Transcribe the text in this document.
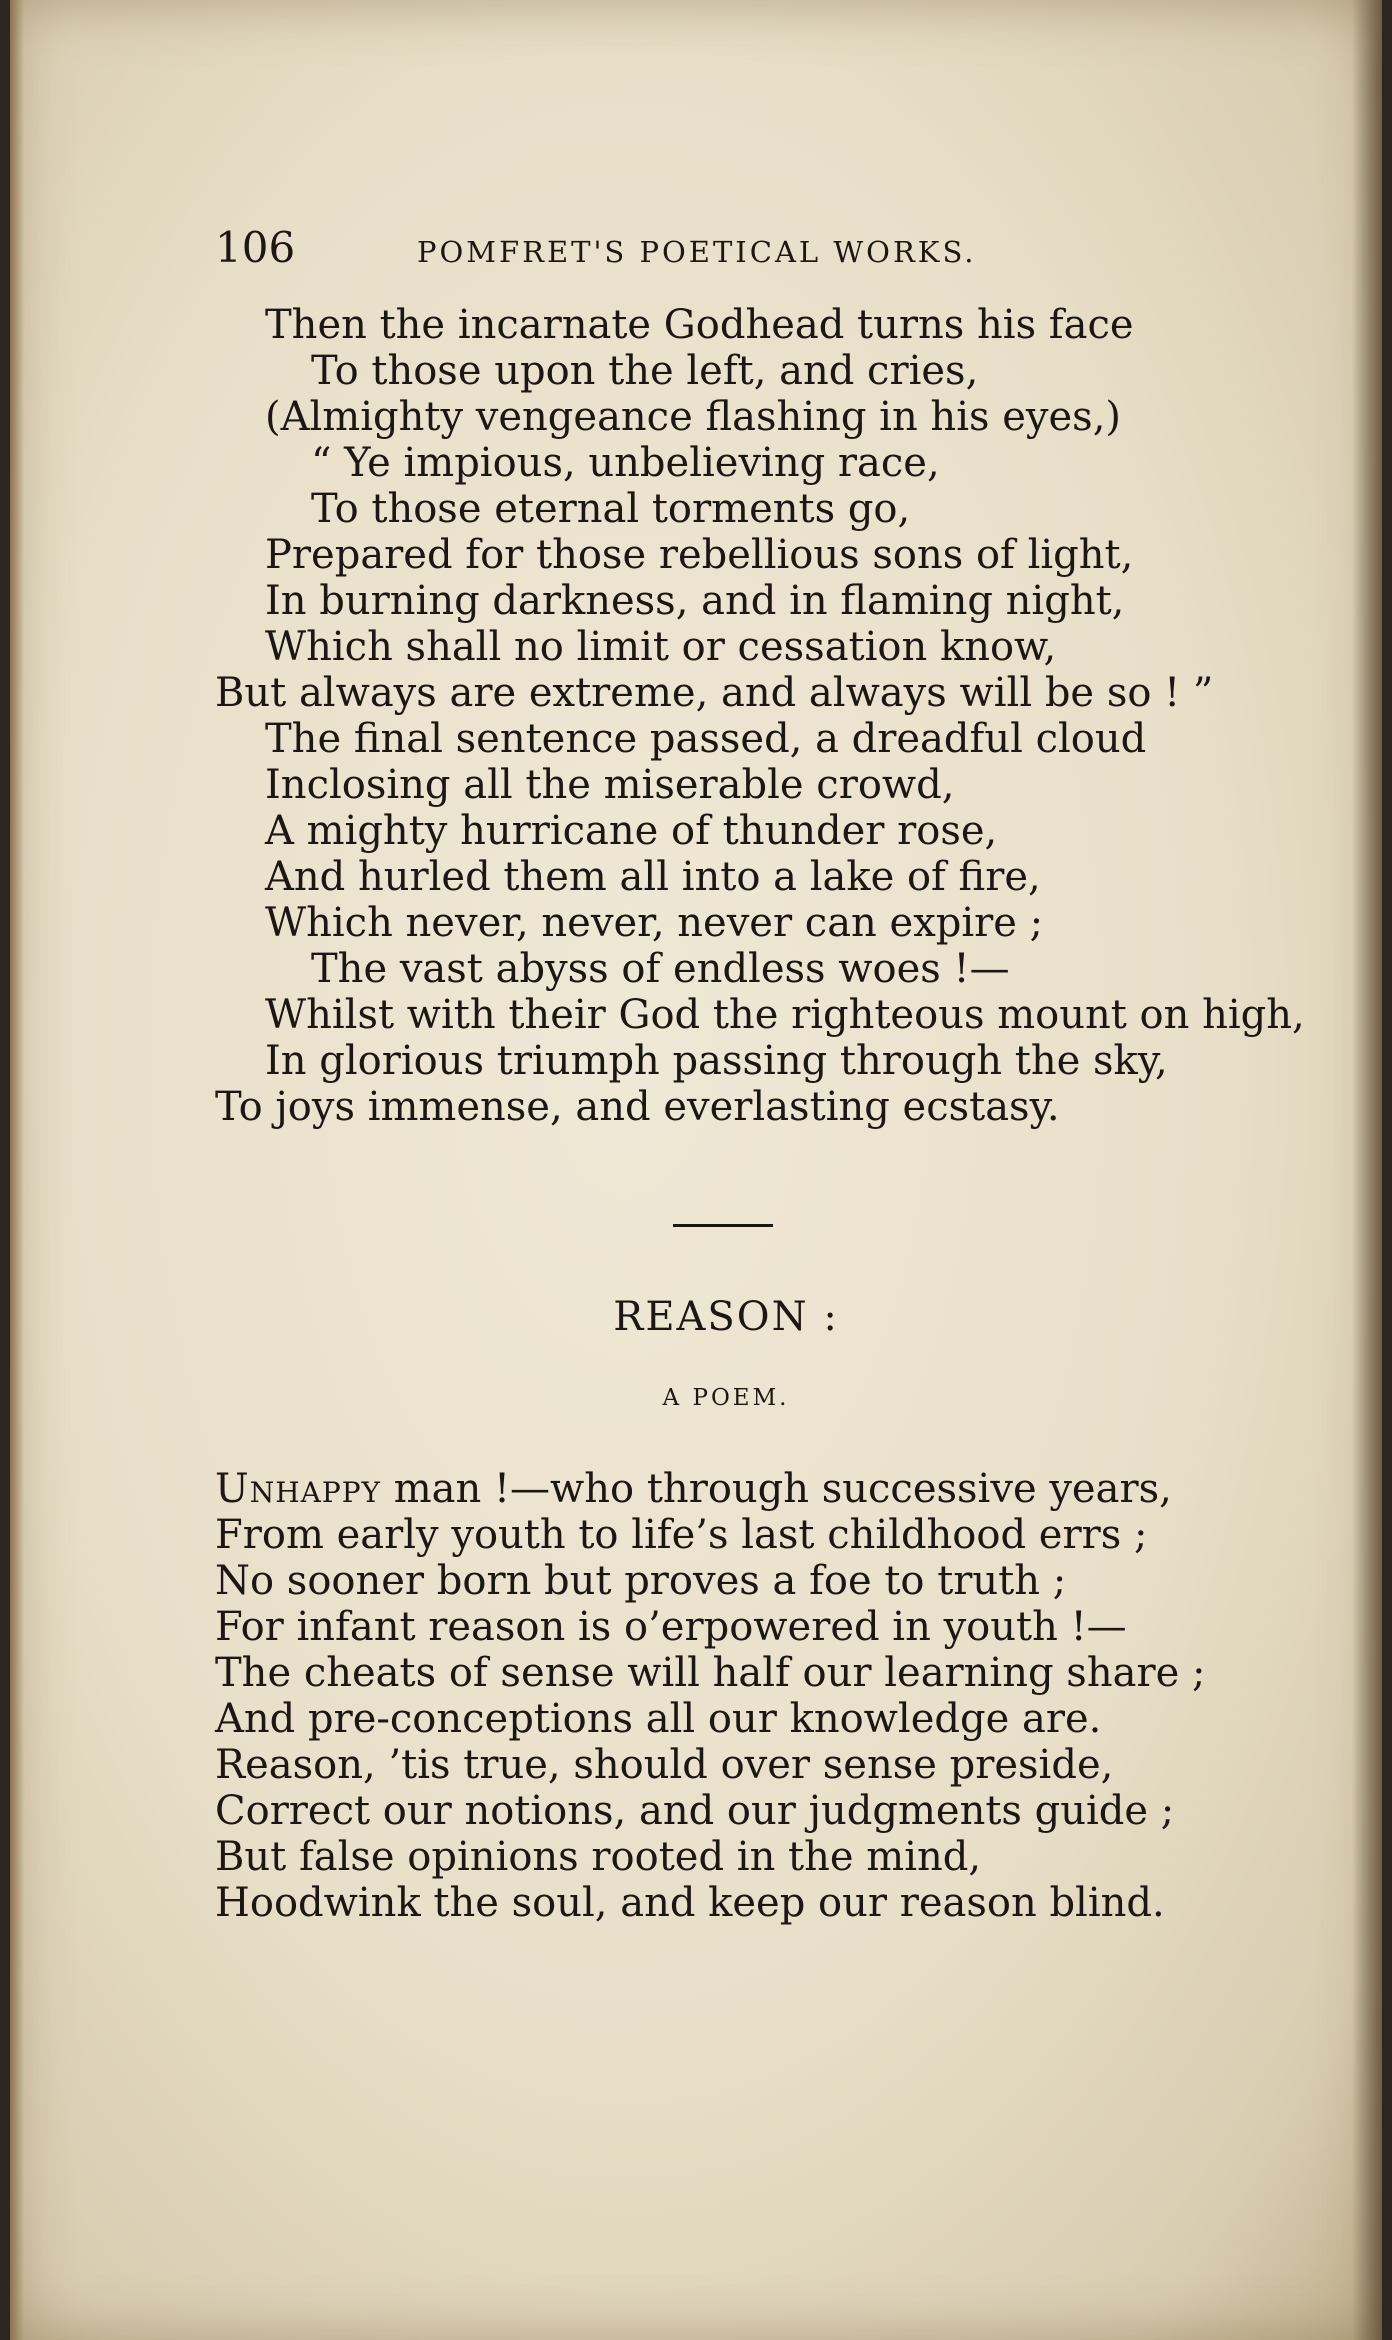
106	POMFRET'S POETICAL WORKS.
Then the incarnate Godhead turns his face
To those upon the left, and cries,
(Almighty vengeance flashing in his eyes,)
“ Ye impious, unbelieving race,
To those eternal torments go,
Prepared for those rebellious sons of light,
In burning darkness, and in flaming night,
Which shall no limit or cessation know,
But always are extreme, and always will be so ! ”
The final sentence passed, a dreadful cloud
Inclosing all the miserable crowd,
A mighty hurricane of thunder rose,
And hurled them all into a lake of fire,
Which never, never, never can expire ;
The vast abyss of endless woes !—
Whilst with their God the righteous mount on high,
In glorious triumph passing through the sky,
To joys immense, and everlasting ecstasy.
REASON :
A POEM.
Unhappy man !—who through successive years,
From early youth to life’s last childhood errs ;
No sooner born but proves a foe to truth ;
For infant reason is o’erpowered in youth !—
The cheats of sense will half our learning share ;
And pre-conceptions all our knowledge are.
Reason, ’tis true, should over sense preside,
Correct our notions, and our judgments guide ;
But false opinions rooted in the mind,
Hoodwink the soul, and keep our reason blind.
